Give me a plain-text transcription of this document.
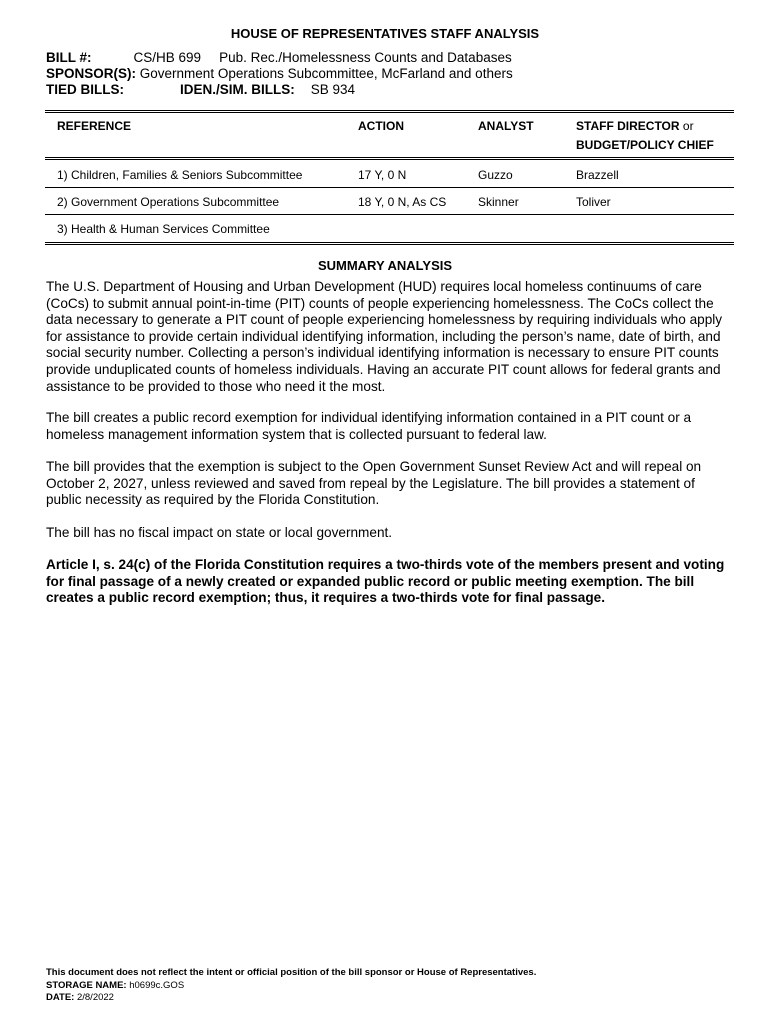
HOUSE OF REPRESENTATIVES STAFF ANALYSIS
BILL #:	CS/HB 699 Pub. Rec./Homelessness Counts and Databases
SPONSOR(S): Government Operations Subcommittee, McFarland and others
TIED BILLS:	IDEN./SIM. BILLS: SB 934
REFERENCE	ACTION	ANALYST	STAFF DIRECTOR or
BUDGET/POLICY CHIEF
1) Children, Families & Seniors Subcommittee	17 Y, 0 N	Guzzo	Brazzell
2) Government Operations Subcommittee	18 Y, 0 N, As CS	Skinner	Toliver
3) Health & Human Services Committee
SUMMARY ANALYSIS

The U.S. Department of Housing and Urban Development (HUD) requires local homeless continuums of care (CoCs) to submit annual point-in-time (PIT) counts of people experiencing homelessness. The CoCs collect the data necessary to generate a PIT count of people experiencing homelessness by requiring individuals who apply for assistance to provide certain individual identifying information, including the person’s name, date of birth, and social security number. Collecting a person’s individual identifying information is necessary to ensure PIT counts provide unduplicated counts of homeless individuals. Having an accurate PIT count allows for federal grants and assistance to be provided to those who need it the most.

The bill creates a public record exemption for individual identifying information contained in a PIT count or a homeless management information system that is collected pursuant to federal law.

The bill provides that the exemption is subject to the Open Government Sunset Review Act and will repeal on October 2, 2027, unless reviewed and saved from repeal by the Legislature. The bill provides a statement of public necessity as required by the Florida Constitution.

The bill has no fiscal impact on state or local government.

Article I, s. 24(c) of the Florida Constitution requires a two-thirds vote of the members present and voting for final passage of a newly created or expanded public record or public meeting exemption. The bill creates a public record exemption; thus, it requires a two-thirds vote for final passage.

This document does not reflect the intent or official position of the bill sponsor or House of Representatives.
STORAGE NAME: h0699c.GOS
DATE: 2/8/2022
